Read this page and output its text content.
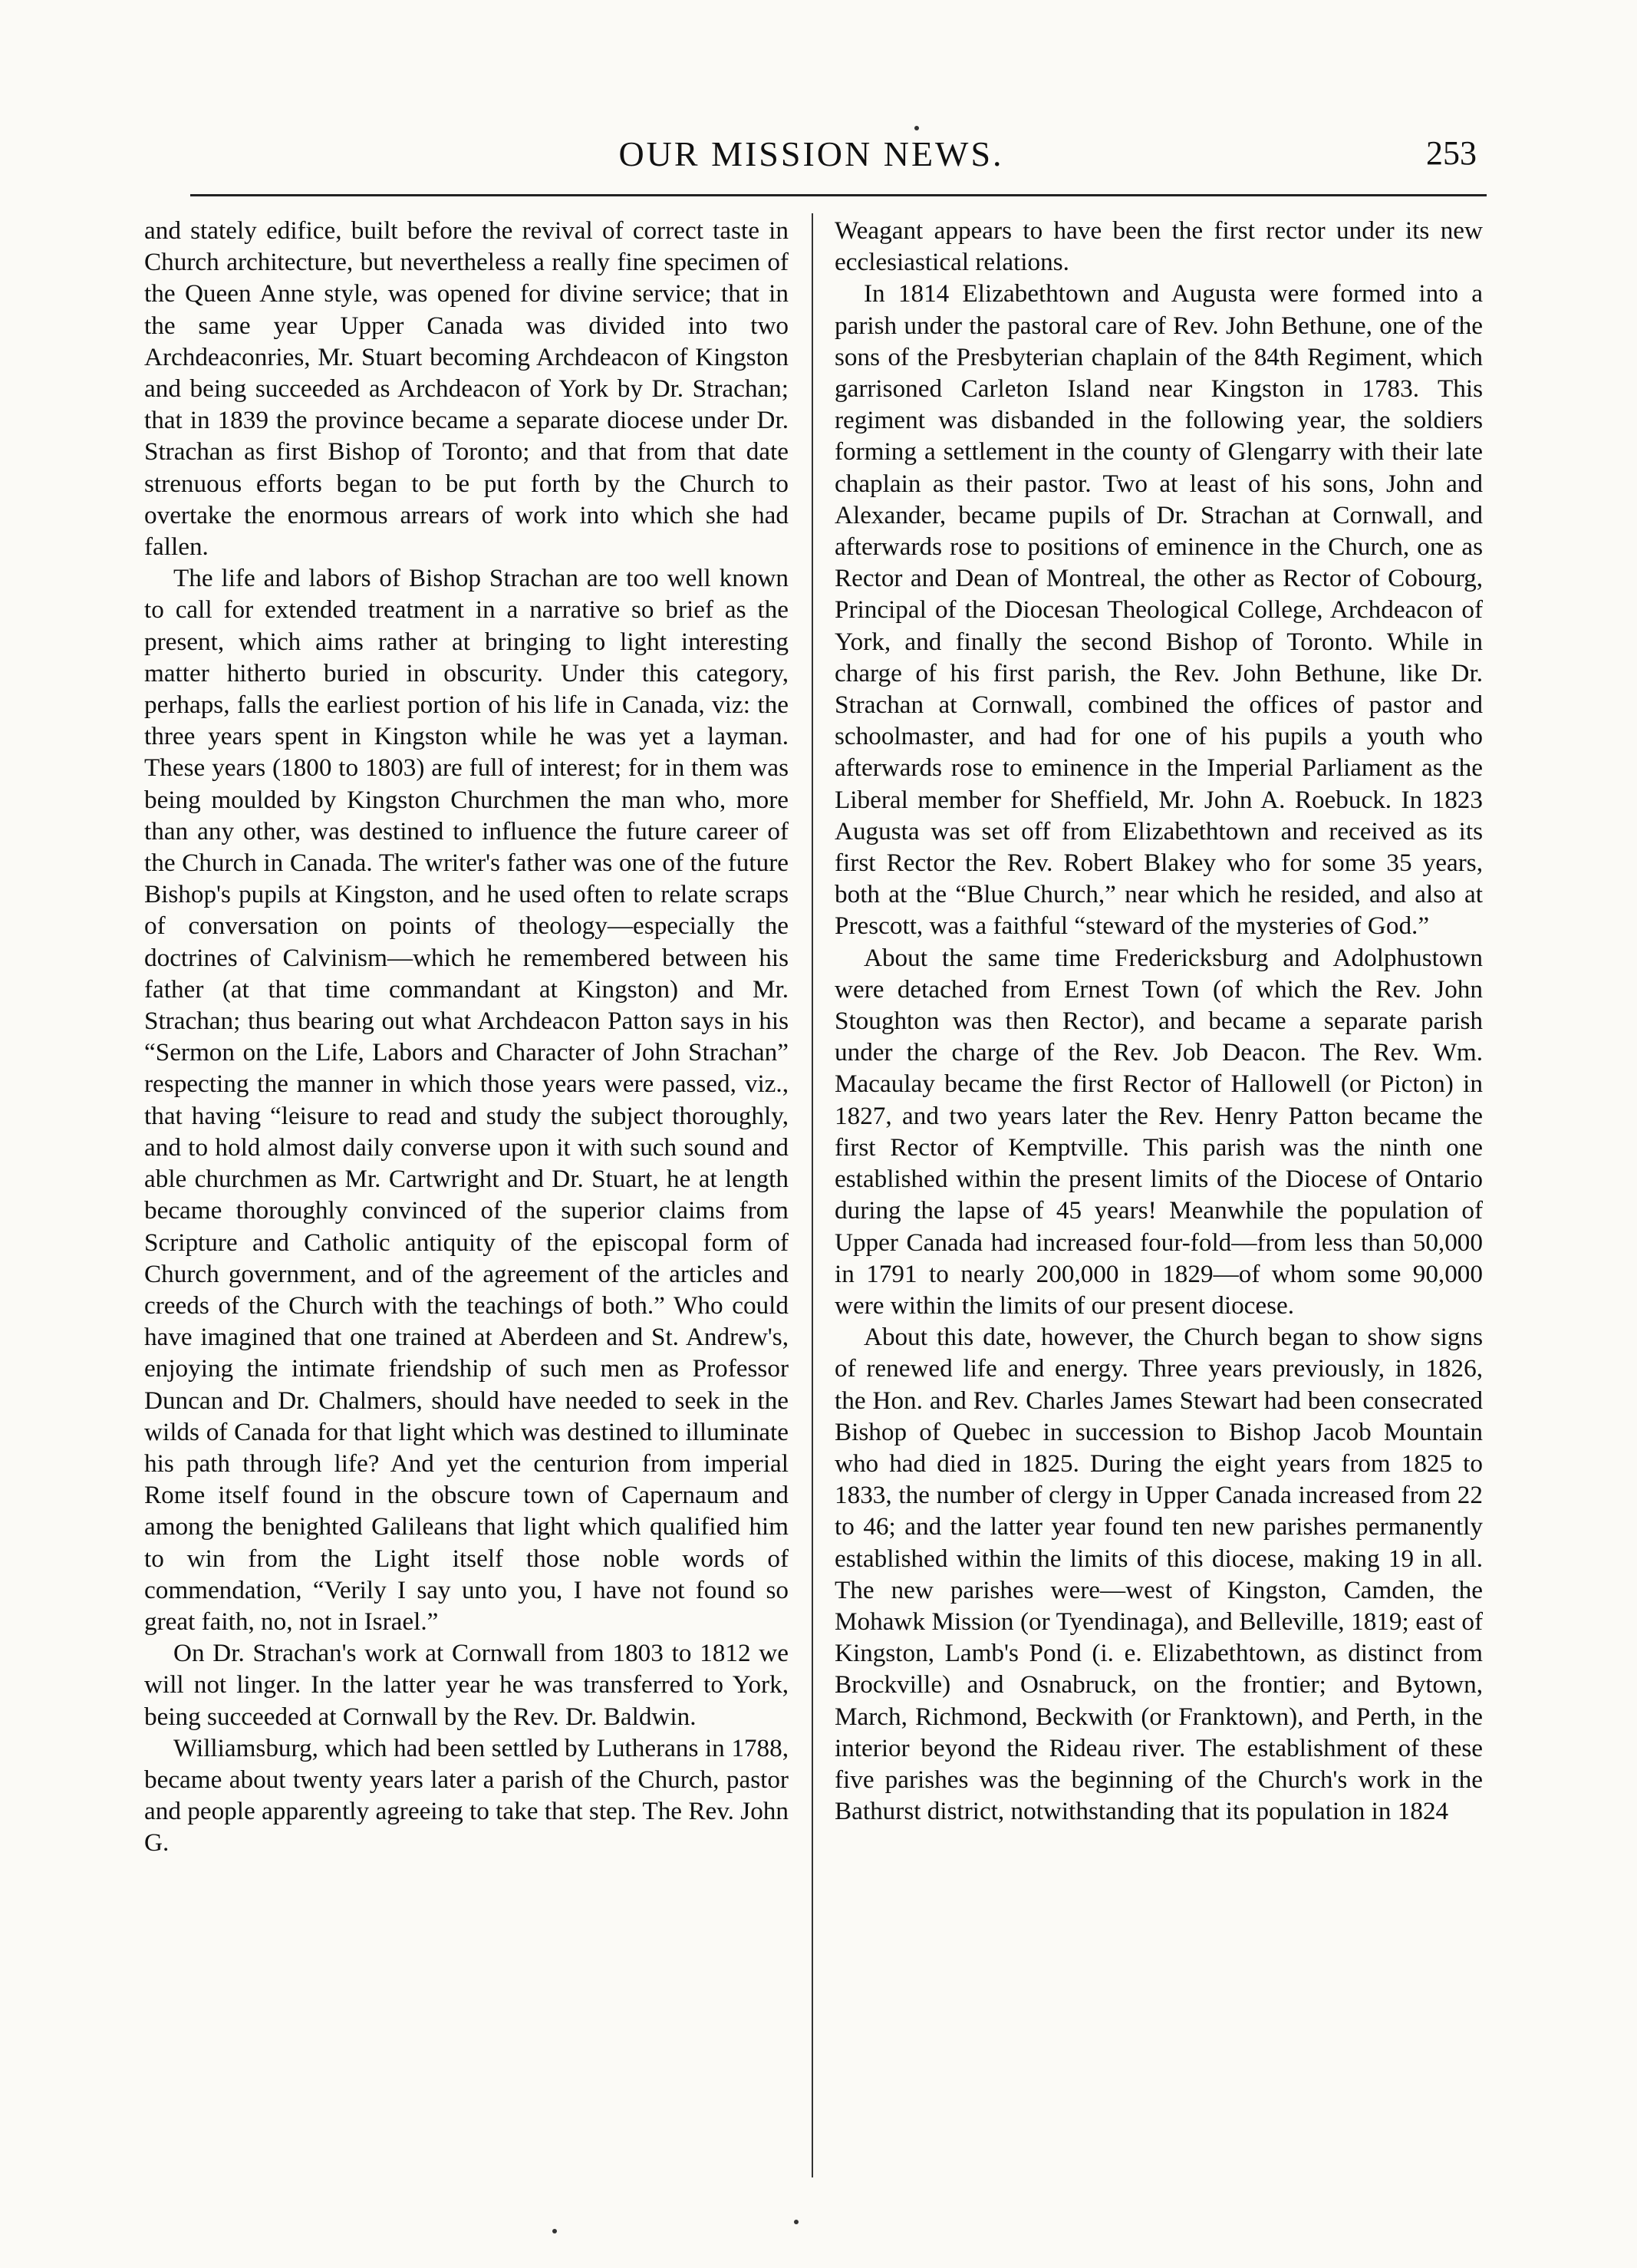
OUR MISSION NEWS.	253

and stately edifice, built before the revival of correct taste in Church architecture, but nevertheless a really fine specimen of the Queen Anne style, was opened for divine service; that in the same year Upper Canada was divided into two Archdeaconries, Mr. Stuart becoming Archdeacon of Kingston and being succeeded as Archdeacon of York by Dr. Strachan; that in 1839 the province became a separate diocese under Dr. Strachan as first Bishop of Toronto; and that from that date strenuous efforts began to be put forth by the Church to overtake the enormous arrears of work into which she had fallen.

The life and labors of Bishop Strachan are too well known to call for extended treatment in a narrative so brief as the present, which aims rather at bringing to light interesting matter hitherto buried in obscurity. Under this category, perhaps, falls the earliest portion of his life in Canada, viz: the three years spent in Kingston while he was yet a layman. These years (1800 to 1803) are full of interest; for in them was being moulded by Kingston Churchmen the man who, more than any other, was destined to influence the future career of the Church in Canada. The writer's father was one of the future Bishop's pupils at Kingston, and he used often to relate scraps of conversation on points of theology—especially the doctrines of Calvinism—which he remembered between his father (at that time commandant at Kingston) and Mr. Strachan; thus bearing out what Archdeacon Patton says in his “Sermon on the Life, Labors and Character of John Strachan” respecting the manner in which those years were passed, viz., that having “leisure to read and study the subject thoroughly, and to hold almost daily converse upon it with such sound and able churchmen as Mr. Cartwright and Dr. Stuart, he at length became thoroughly convinced of the superior claims from Scripture and Catholic antiquity of the episcopal form of Church government, and of the agreement of the articles and creeds of the Church with the teachings of both.” Who could have imagined that one trained at Aberdeen and St. Andrew's, enjoying the intimate friendship of such men as Professor Duncan and Dr. Chalmers, should have needed to seek in the wilds of Canada for that light which was destined to illuminate his path through life? And yet the centurion from imperial Rome itself found in the obscure town of Capernaum and among the benighted Galileans that light which qualified him to win from the Light itself those noble words of commendation, “Verily I say unto you, I have not found so great faith, no, not in Israel.”

On Dr. Strachan's work at Cornwall from 1803 to 1812 we will not linger. In the latter year he was transferred to York, being succeeded at Cornwall by the Rev. Dr. Baldwin.

Williamsburg, which had been settled by Lutherans in 1788, became about twenty years later a parish of the Church, pastor and people apparently agreeing to take that step. The Rev. John G.

Weagant appears to have been the first rector under its new ecclesiastical relations.

In 1814 Elizabethtown and Augusta were formed into a parish under the pastoral care of Rev. John Bethune, one of the sons of the Presbyterian chaplain of the 84th Regiment, which garrisoned Carleton Island near Kingston in 1783. This regiment was disbanded in the following year, the soldiers forming a settlement in the county of Glengarry with their late chaplain as their pastor. Two at least of his sons, John and Alexander, became pupils of Dr. Strachan at Cornwall, and afterwards rose to positions of eminence in the Church, one as Rector and Dean of Montreal, the other as Rector of Cobourg, Principal of the Diocesan Theological College, Archdeacon of York, and finally the second Bishop of Toronto. While in charge of his first parish, the Rev. John Bethune, like Dr. Strachan at Cornwall, combined the offices of pastor and schoolmaster, and had for one of his pupils a youth who afterwards rose to eminence in the Imperial Parliament as the Liberal member for Sheffield, Mr. John A. Roebuck. In 1823 Augusta was set off from Elizabethtown and received as its first Rector the Rev. Robert Blakey who for some 35 years, both at the “Blue Church,” near which he resided, and also at Prescott, was a faithful “steward of the mysteries of God.”

About the same time Fredericksburg and Adolphustown were detached from Ernest Town (of which the Rev. John Stoughton was then Rector), and became a separate parish under the charge of the Rev. Job Deacon. The Rev. Wm. Macaulay became the first Rector of Hallowell (or Picton) in 1827, and two years later the Rev. Henry Patton became the first Rector of Kemptville. This parish was the ninth one established within the present limits of the Diocese of Ontario during the lapse of 45 years! Meanwhile the population of Upper Canada had increased four-fold—from less than 50,000 in 1791 to nearly 200,000 in 1829—of whom some 90,000 were within the limits of our present diocese.

About this date, however, the Church began to show signs of renewed life and energy. Three years previously, in 1826, the Hon. and Rev. Charles James Stewart had been consecrated Bishop of Quebec in succession to Bishop Jacob Mountain who had died in 1825. During the eight years from 1825 to 1833, the number of clergy in Upper Canada increased from 22 to 46; and the latter year found ten new parishes permanently established within the limits of this diocese, making 19 in all. The new parishes were—west of Kingston, Camden, the Mohawk Mission (or Tyendinaga), and Belleville, 1819; east of Kingston, Lamb's Pond (i. e. Elizabethtown, as distinct from Brockville) and Osnabruck, on the frontier; and Bytown, March, Richmond, Beckwith (or Franktown), and Perth, in the interior beyond the Rideau river. The establishment of these five parishes was the beginning of the Church's work in the Bathurst district, notwithstanding that its population in 1824
